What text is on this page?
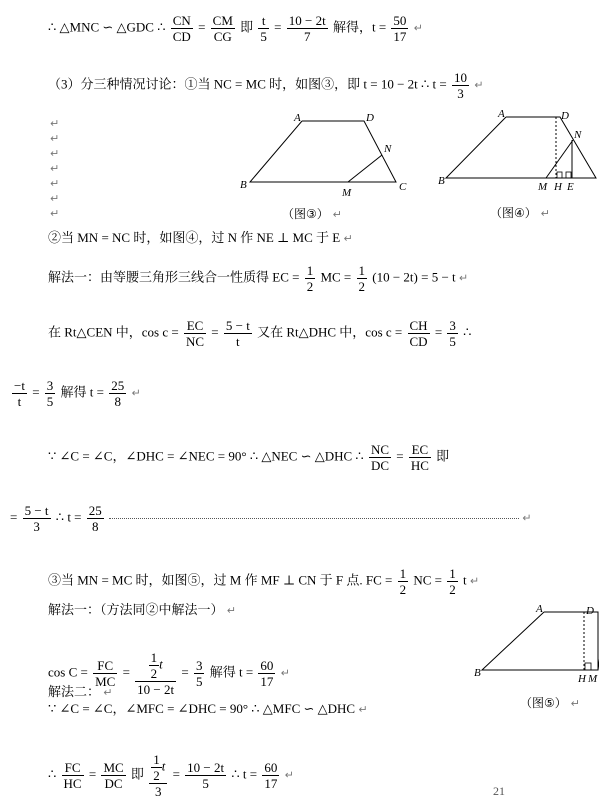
∴ △MNC ∽ △GDC ∴ $\frac{CN}{CD} = \frac{CM}{CG}$ 即 $\frac{t}{5} = \frac{10 - 2t}{7}$ 解得，$t = \frac{50}{17}$ ↵
（3）分三种情况讨论：①当 NC = MC 时，如图③，即 t = 10 − 2t ∴ $t = \frac{10}{3}$ ↵
↵
↵
↵
↵
↵
↵
↵
A	D
N
B
M	C
（图③） ↵
A	D
N
B	M H E
（图④） ↵
②当 MN = NC 时，如图④，过 N 作 NE ⊥ MC 于 E ↵
解法一：由等腰三角形三线合一性质得 EC = $\frac{1}{2}$ MC = $\frac{1}{2} (10 - 2t) = 5 - t$ ↵
在 Rt△CEN 中，$\cos c = \frac{EC}{NC} = \frac{5 - t}{t}$ 又在 Rt△DHC 中，$\cos c = \frac{CH}{CD} = \frac{3}{5}$ ∴
$\frac{-t}{t} = \frac{3}{5}$ 解得 $t = \frac{25}{8}$ ↵
∵ ∠C = ∠C，∠DHC = ∠NEC = 90° ∴ △NEC ∽ △DHC ∴ $\frac{NC}{DC} = \frac{EC}{HC}$ 即
= $\frac{5 - t}{3}$ ∴ $t = \frac{25}{8}$	↵
③当 MN = MC 时，如图⑤，过 M 作 MF ⊥ CN 于 F 点. FC = $\frac{1}{2}$ NC = $\frac{1}{2}$ t ↵
解法一：（方法同②中解法一） ↵
$\cos C = \frac{FC}{MC} = \frac{\frac{1}{2} t}{10 - 2t} = \frac{3}{5}$ 解得 $t = \frac{60}{17}$ ↵
解法二： ↵
∵ ∠C = ∠C，∠MFC = ∠DHC = 90° ∴ △MFC ∽ △DHC ↵
∴ $\frac{FC}{HC} = \frac{MC}{DC}$ 即 $\frac{\frac{1}{2} t}{3} = \frac{10 - 2t}{5}$ ∴ $t = \frac{60}{17}$ ↵
A	D
B	H M
（图⑤） ↵
21
